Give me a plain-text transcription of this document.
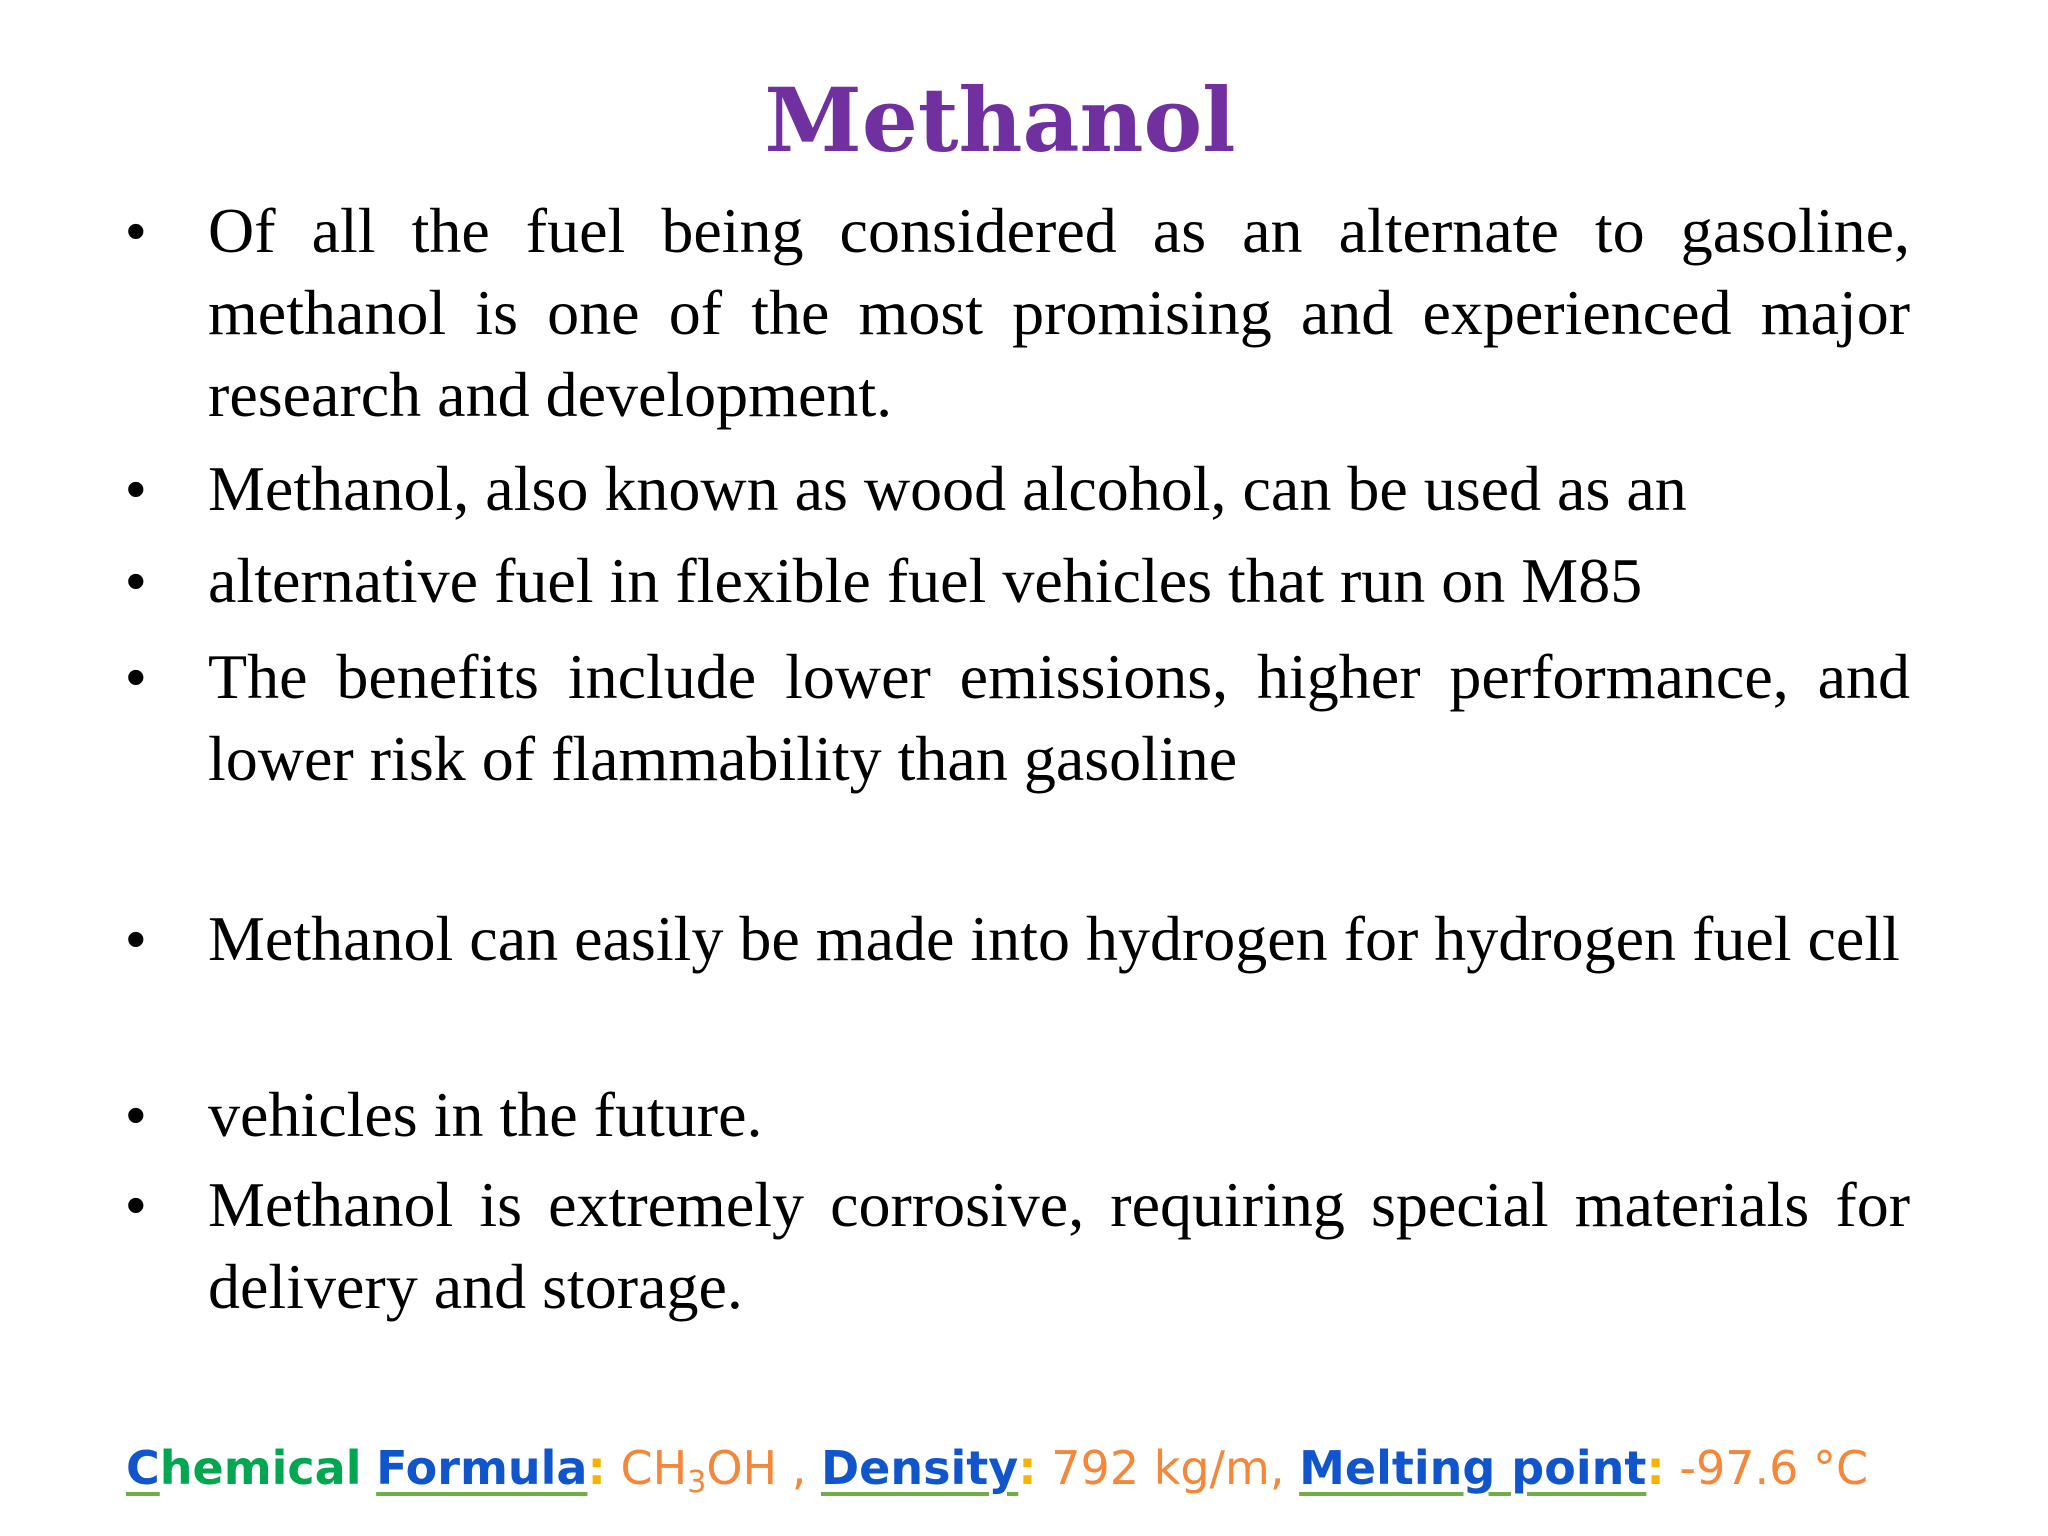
Methanol
• Of all the fuel being considered as an alternate to gasoline, methanol is one of the most promising and experienced major research and development.
• Methanol, also known as wood alcohol, can be used as an
• alternative fuel in flexible fuel vehicles that run on M85
• The benefits include lower emissions, higher performance, and lower risk of flammability than gasoline
• Methanol can easily be made into hydrogen for hydrogen fuel cell
• vehicles in the future.
• Methanol is extremely corrosive, requiring special materials for delivery and storage.
Chemical Formula: $CH_3OH$ , Density: 792 kg/m, Melting point: -97.6 °C
